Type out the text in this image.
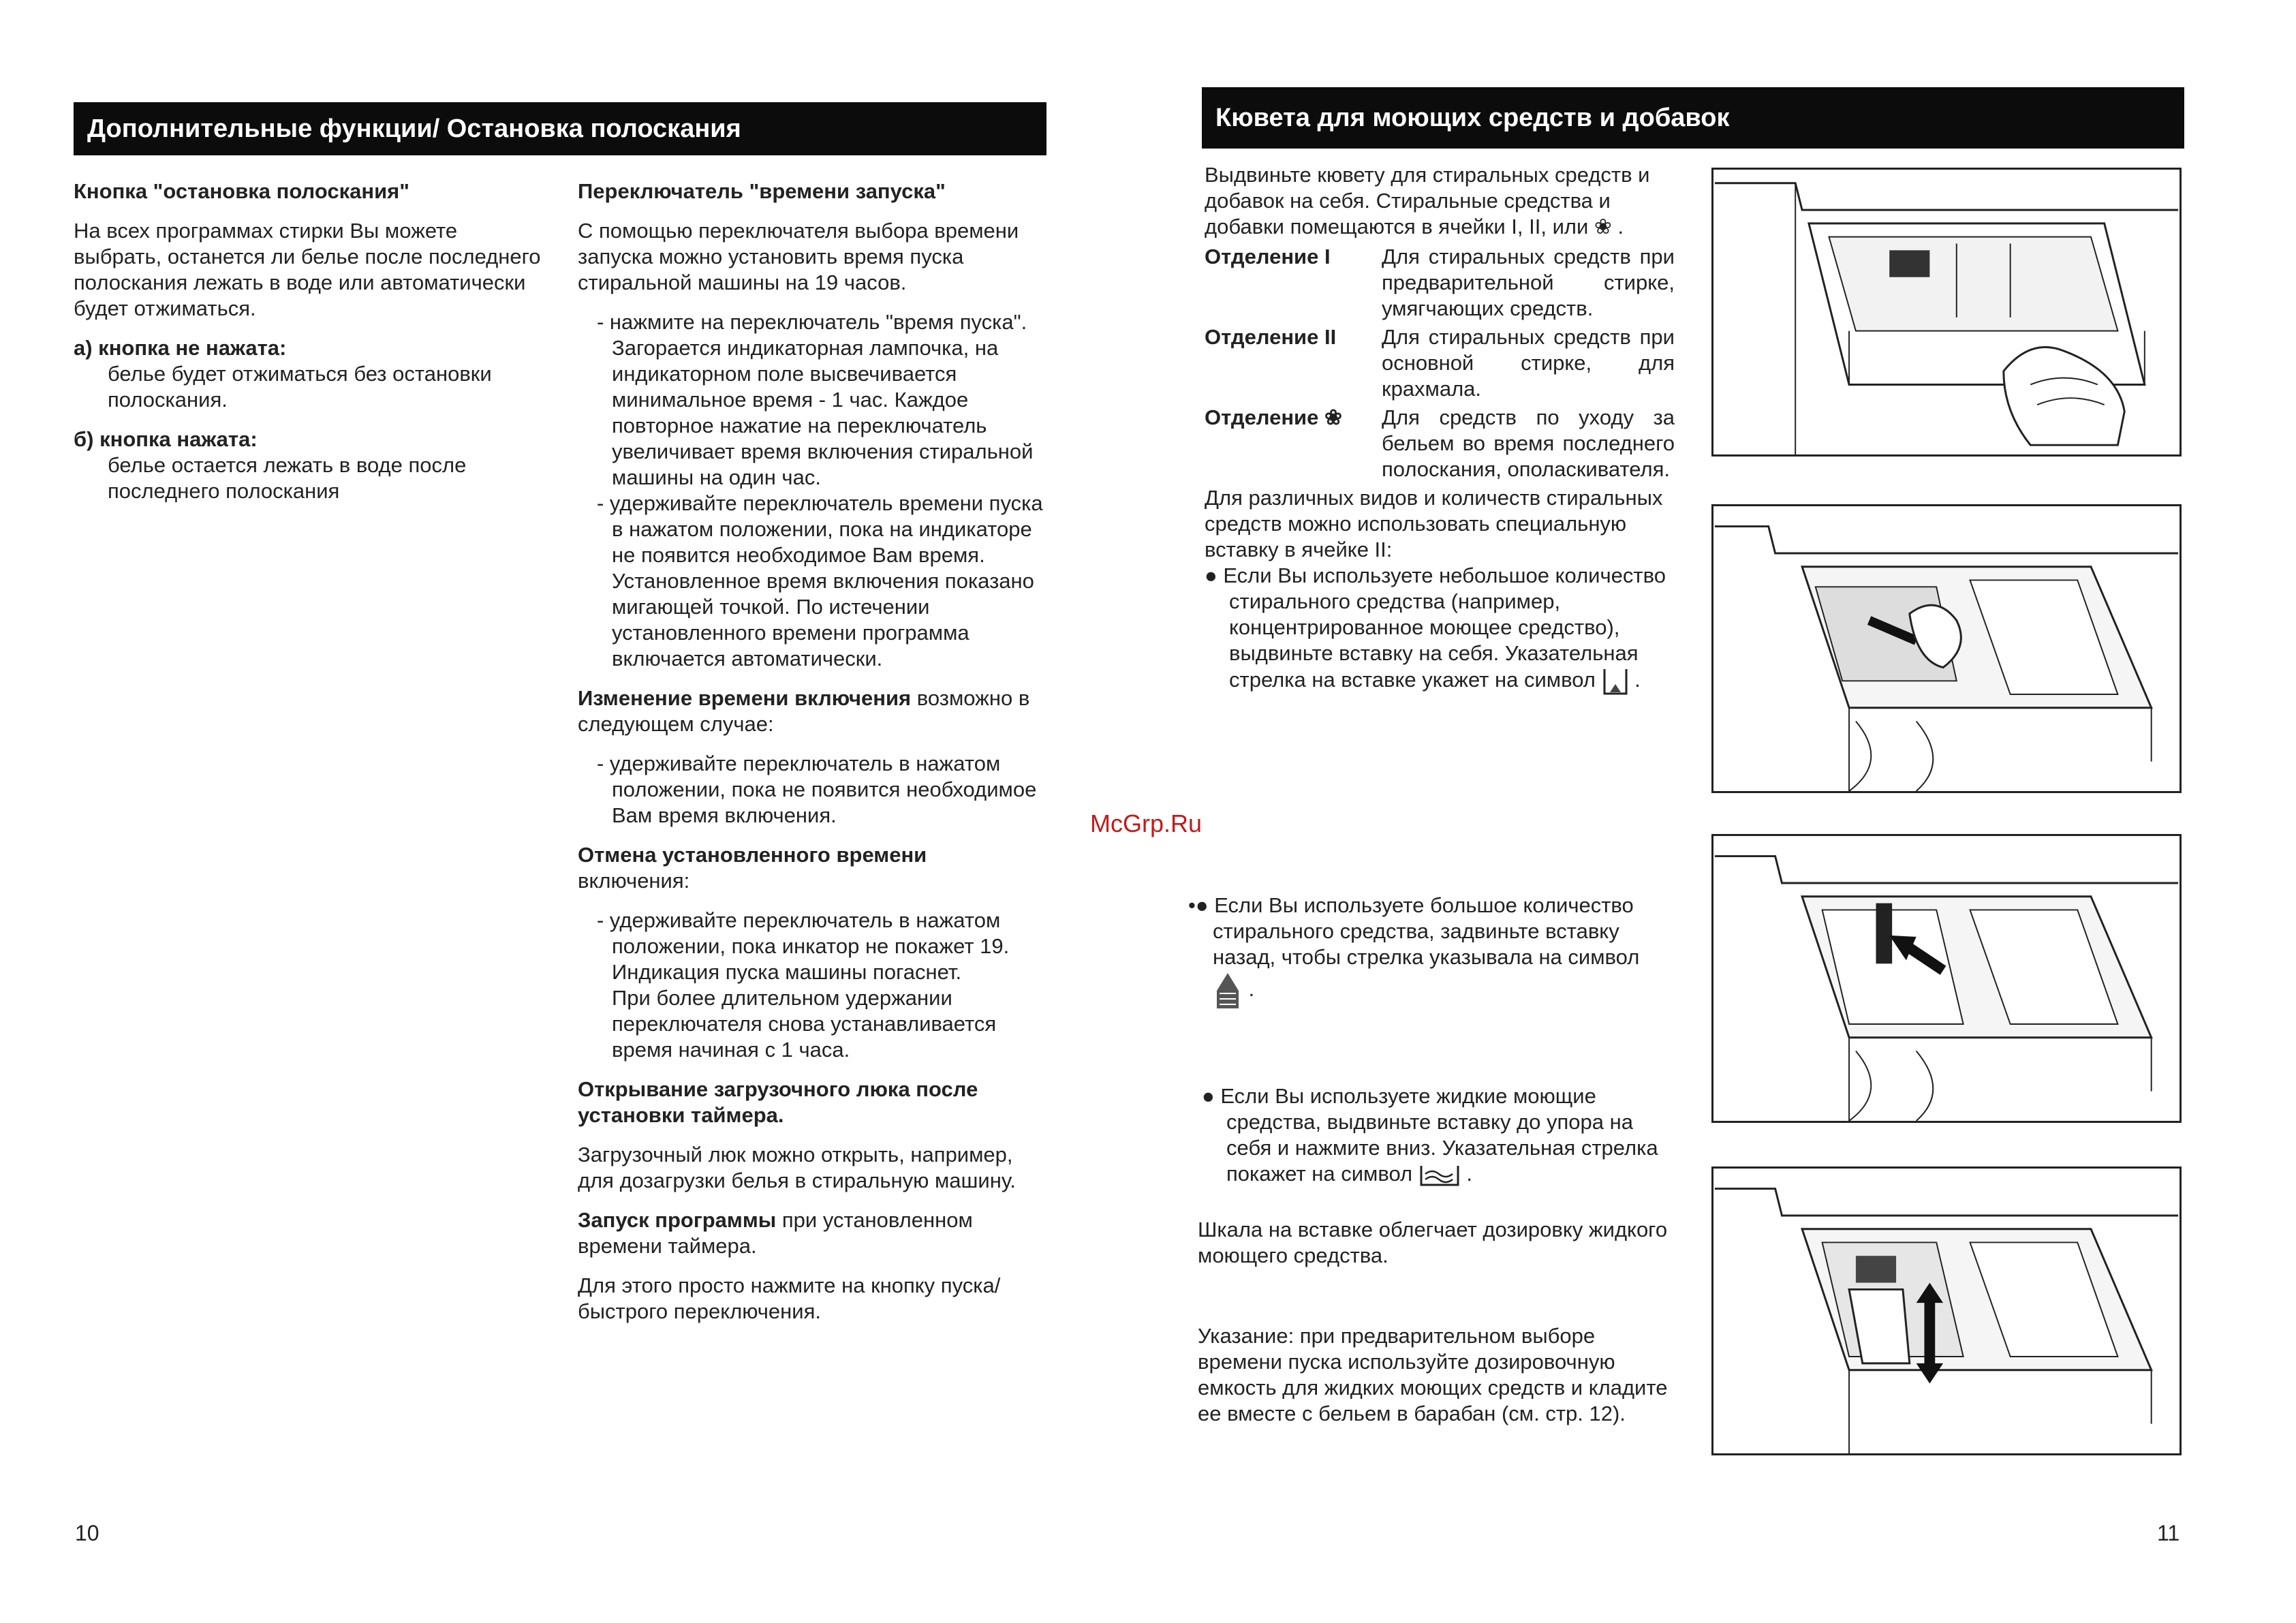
Дополнительные функции/ Остановка полоскания

Кнопка "остановка полоскания"

На всех программах стирки Вы можете выбрать, останется ли белье после последнего полоскания лежать в воде или автоматически будет отжиматься.

а) кнопка не нажата:

белье будет отжиматься без остановки полоскания.

б) кнопка нажата:

белье остается лежать в воде после последнего полоскания

Переключатель "времени запуска"

С помощью переключателя выбора времени запуска можно установить время пуска стиральной машины на 19 часов.

- нажмите на переключатель "время пуска". Загорается индикаторная лампочка, на индикаторном поле высвечивается минимальное время - 1 час. Каждое повторное нажатие на переключатель увеличивает время включения стиральной машины на один час.
- удерживайте переключатель времени пуска в нажатом положении, пока на индикаторе не появится необходимое Вам время.

Установленное время включения показано мигающей точкой. По истечении установленного времени программа включается автоматически.

Изменение времени включения возможно в следующем случае:

- удерживайте переключатель в нажатом положении, пока не появится необходимое Вам время включения.

Отмена установленного времени

включения:

- удерживайте переключатель в нажатом положении, пока инкатор не покажет 19. Индикация пуска машины погаснет.

При более длительном удержании переключателя снова устанавливается время начиная с 1 часа.

Открывание загрузочного люка после установки таймера.

Загрузочный люк можно открыть, например, для дозагрузки белья в стиральную машину.

Запуск программы при установленном времени таймера.

Для этого просто нажмите на кнопку пуска/ быстрого переключения.

10
McGrp.Ru
Кювета для моющих средств и добавок

Выдвиньте кювету для стиральных средств и добавок на себя. Стиральные средства и добавки помещаются в ячейки I, II, или ❀ .

Отделение I	Для стиральных средств при предварительной стирке, умягчающих средств.
Отделение II	Для стиральных средств при основной стирке, для крахмала.
Отделение ❀	Для средств по уходу за бельем во время последнего полоскания, ополаскивателя.
Для различных видов и количеств стиральных средств можно использовать специальную вставку в ячейке II:
● Если Вы используете небольшое количество стирального средства (например, концентрированное моющее средство), выдвиньте вставку на себя. Указательная стрелка на вставке укажет на символ  .
•● Если Вы используете большое количество стирального средства, задвиньте вставку назад, чтобы стрелка указывала на символ  .
● Если Вы используете жидкие моющие средства, выдвиньте вставку до упора на себя и нажмите вниз. Указательная стрелка покажет на символ  .

Шкала на вставке облегчает дозировку жидкого моющего средства.

Указание: при предварительном выборе времени пуска используйте дозировочную емкость для жидких моющих средств и кладите ее вместе с бельем в барабан (см. стр. 12).

11
